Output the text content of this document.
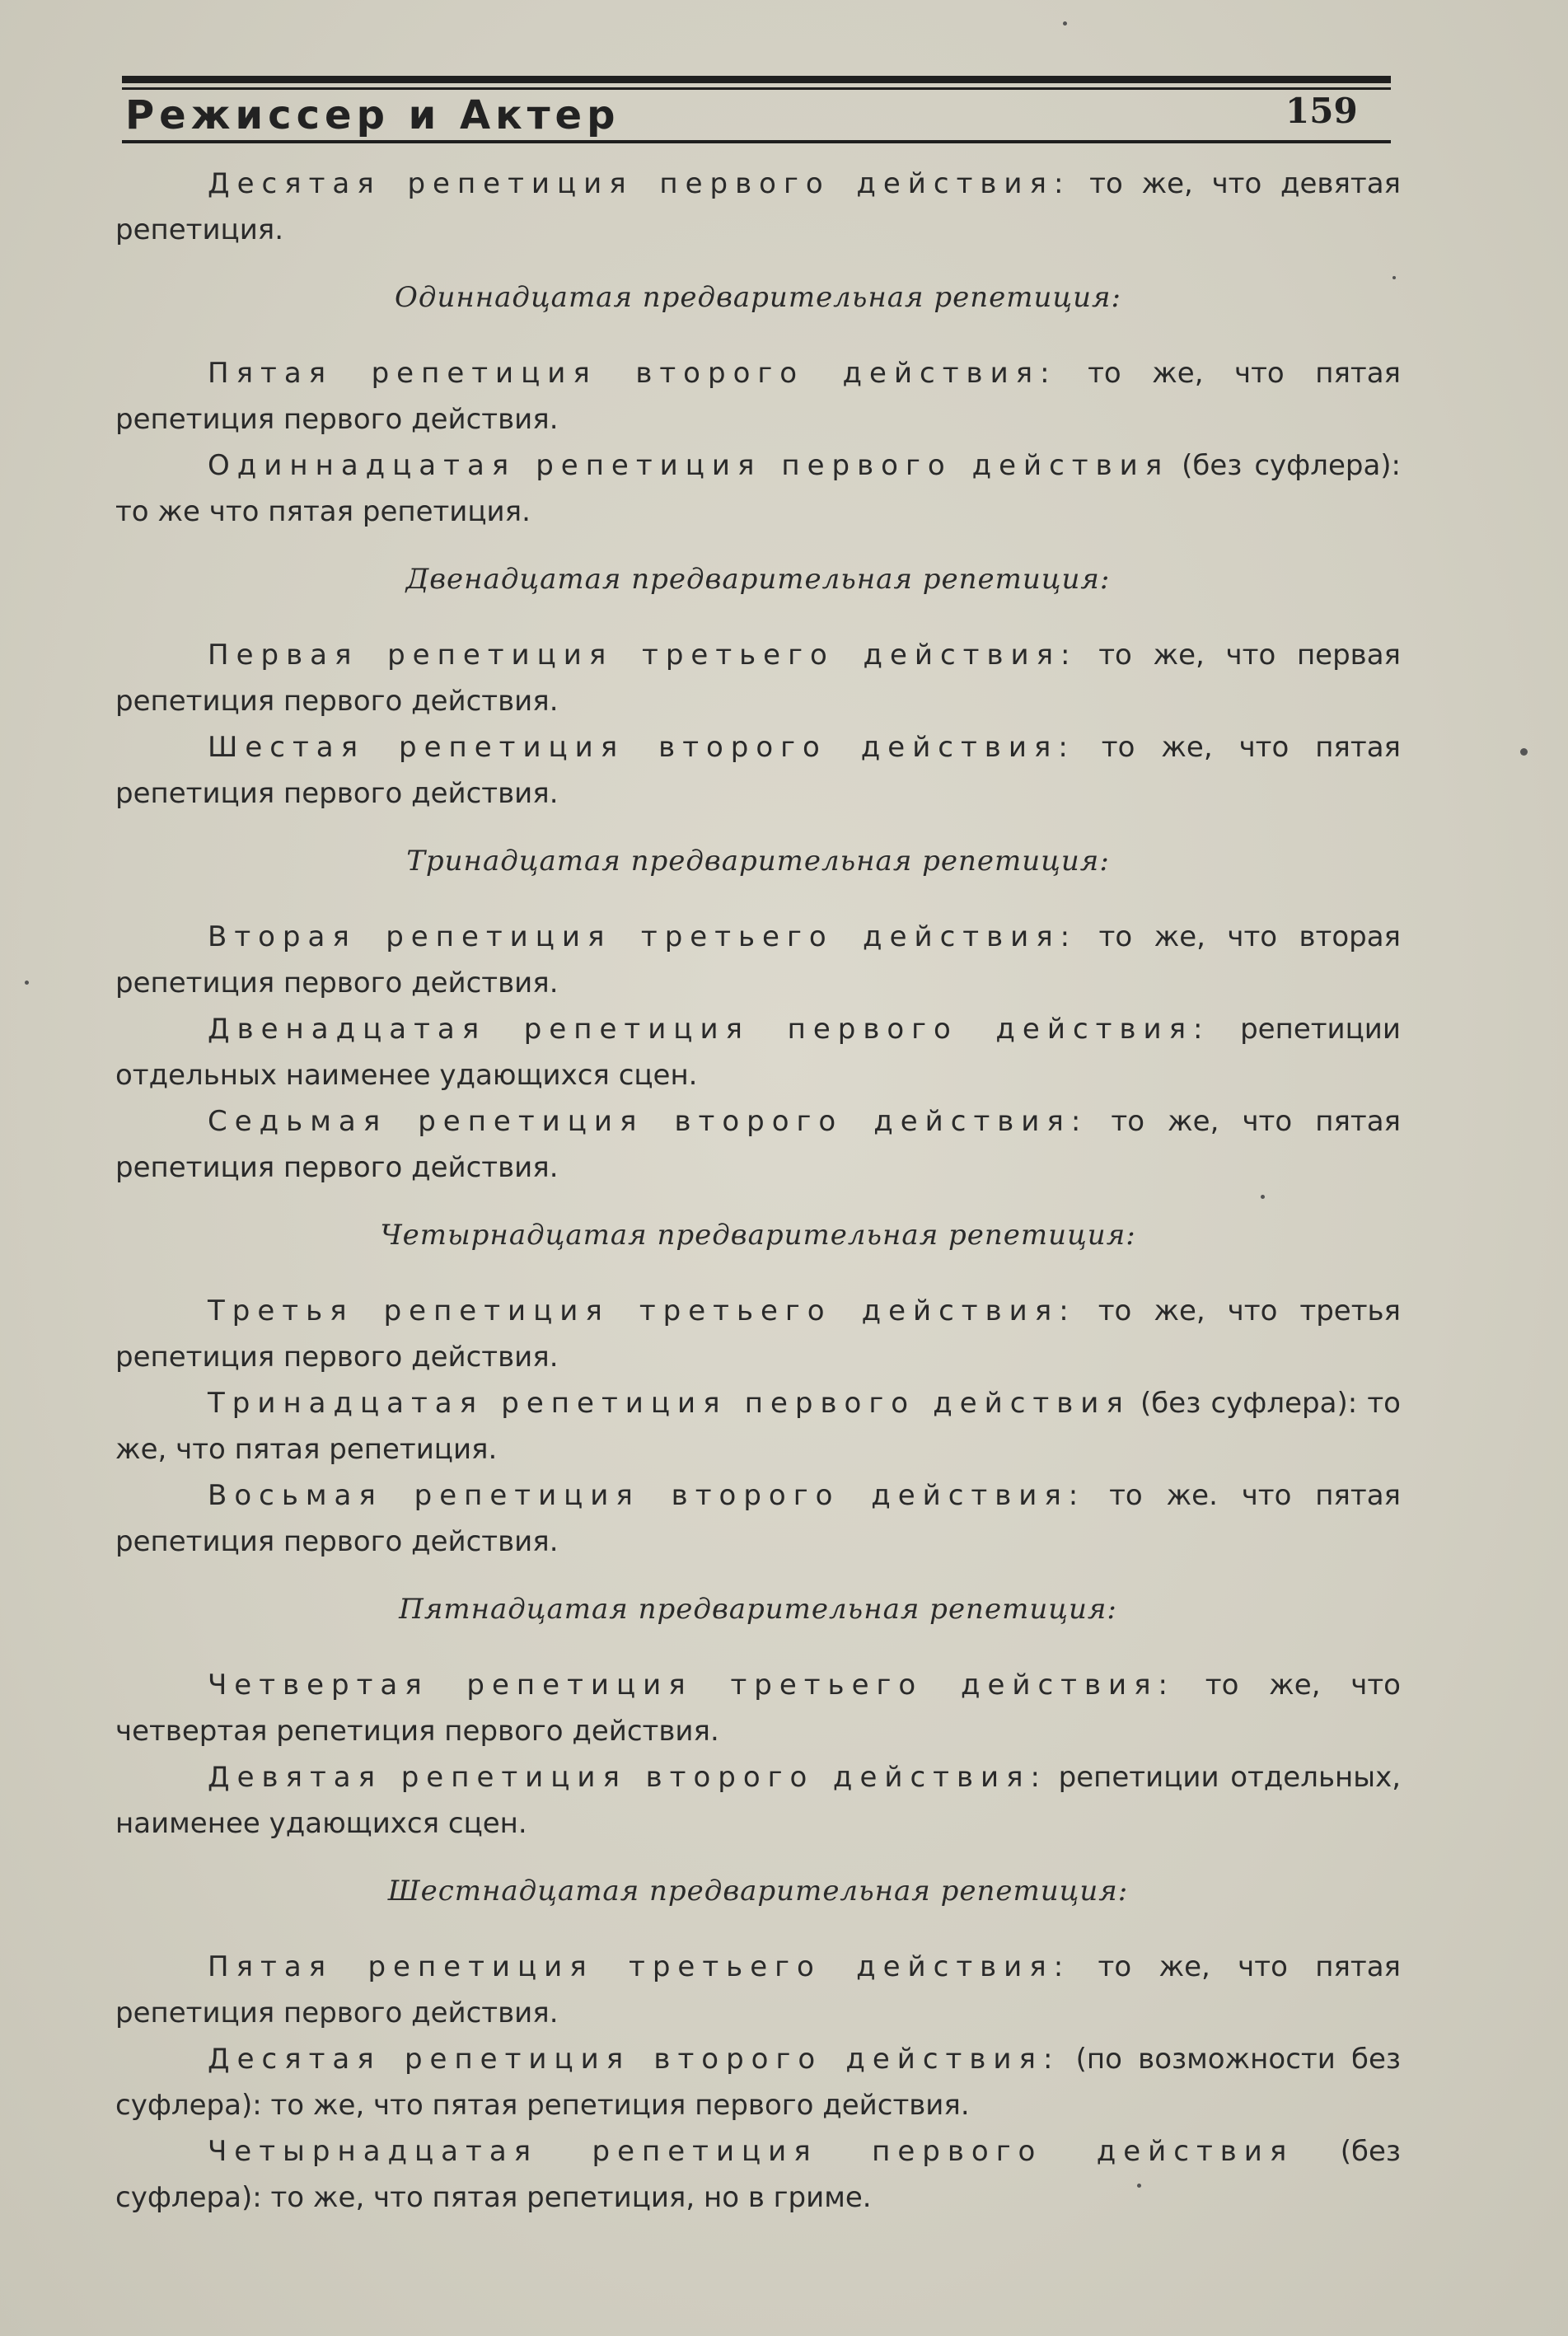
Режиссер и Актер	159

Десятая репетиция первого действия: то же, что девятая репетиция.

Одиннадцатая предварительная репетиция:

Пятая репетиция второго действия: то же, что пятая репетиция первого действия.

Одиннадцатая репетиция первого действия (без суфлера): то же что пятая репетиция.

Двенадцатая предварительная репетиция:

Первая репетиция третьего действия: то же, что первая репетиция первого действия.

Шестая репетиция второго действия: то же, что пятая репетиция первого действия.

Тринадцатая предварительная репетиция:

Вторая репетиция третьего действия: то же, что вторая репетиция первого действия.

Двенадцатая репетиция первого действия: репетиции отдельных наименее удающихся сцен.

Седьмая репетиция второго действия: то же, что пятая репетиция первого действия.

Четырнадцатая предварительная репетиция:

Третья репетиция третьего действия: то же, что третья репетиция первого действия.

Тринадцатая репетиция первого действия (без суфлера): то же, что пятая репетиция.

Восьмая репетиция второго действия: то же. что пятая репетиция первого действия.

Пятнадцатая предварительная репетиция:

Четвертая репетиция третьего действия: то же, что четвертая репетиция первого действия.

Девятая репетиция второго действия: репетиции отдельных, наименее удающихся сцен.

Шестнадцатая предварительная репетиция:

Пятая репетиция третьего действия: то же, что пятая репетиция первого действия.

Десятая репетиция второго действия: (по возможности без суфлера): то же, что пятая репетиция первого действия.

Четырнадцатая репетиция первого действия (без суфлера): то же, что пятая репетиция, но в гриме.
